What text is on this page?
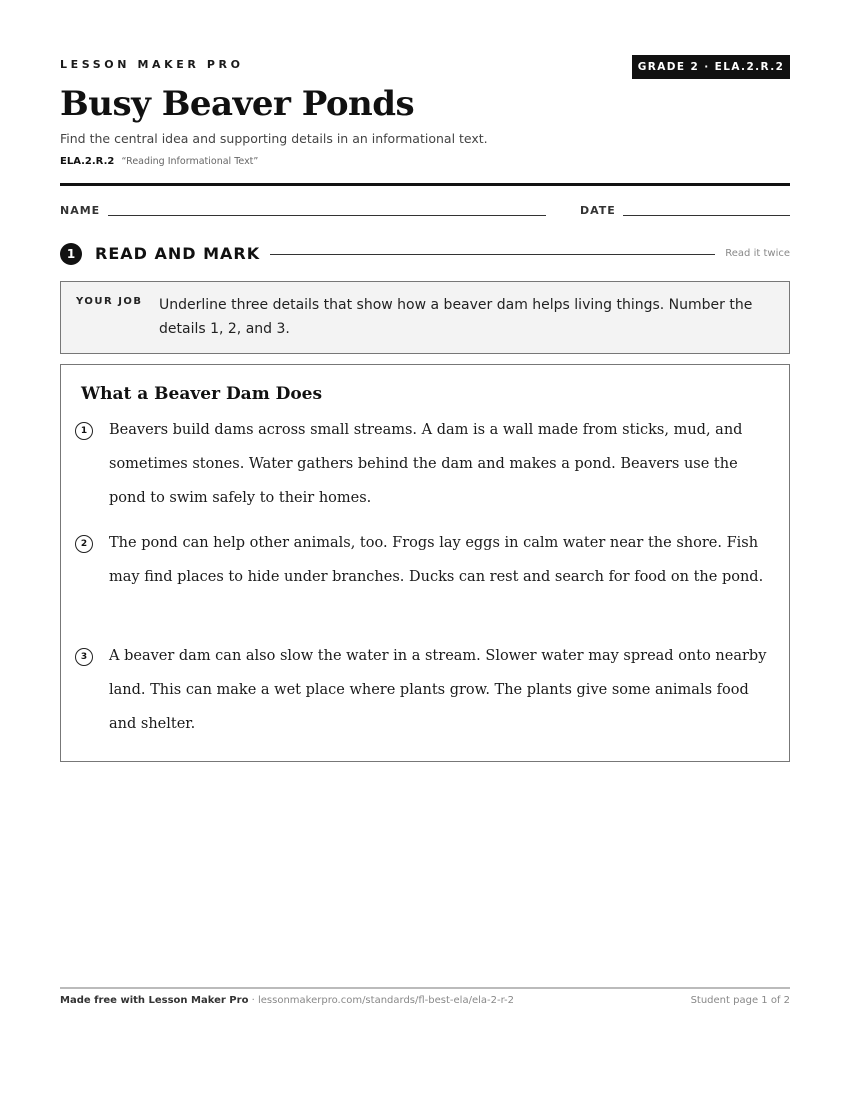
LESSON MAKER PRO	GRADE 2 · ELA.2.R.2
Busy Beaver Ponds
Find the central idea and supporting details in an informational text.
ELA.2.R.2 “Reading Informational Text”
NAME	DATE
1	READ AND MARK	Read it twice
YOUR JOB Underline three details that show how a beaver dam helps living things. Number the details 1, 2, and 3.
What a Beaver Dam Does
1	Beavers build dams across small streams. A dam is a wall made from sticks, mud, and sometimes stones. Water gathers behind the dam and makes a pond. Beavers use the pond to swim safely to their homes.

2	The pond can help other animals, too. Frogs lay eggs in calm water near the shore. Fish may find places to hide under branches. Ducks can rest and search for food on the pond.

3	A beaver dam can also slow the water in a stream. Slower water may spread onto nearby land. This can make a wet place where plants grow. The plants give some animals food and shelter.

Made free with Lesson Maker Pro · lessonmakerpro.com/standards/fl-best-ela/ela-2-r-2	Student page 1 of 2
